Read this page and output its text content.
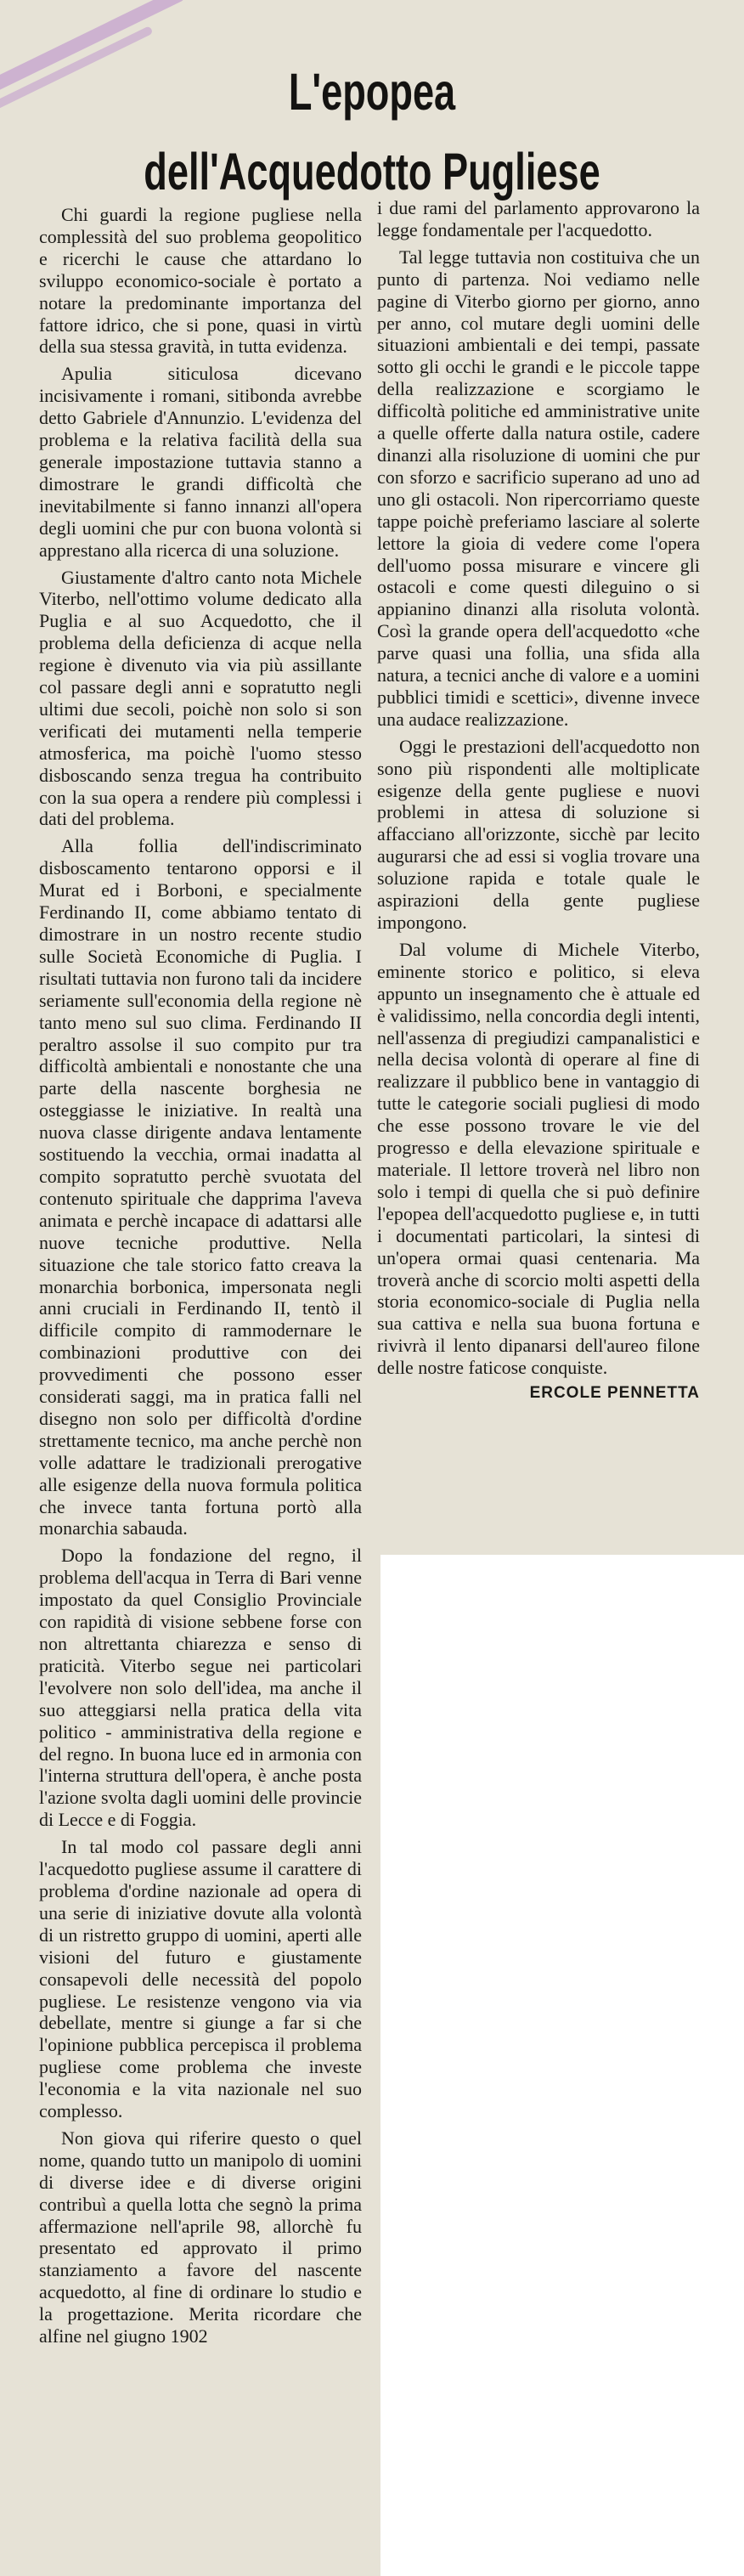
L'epopea
dell'Acquedotto Pugliese

Chi guardi la regione pugliese nella complessità del suo problema geopolitico e ricerchi le cause che attardano lo sviluppo economico-sociale è portato a notare la predominante importanza del fattore idrico, che si pone, quasi in virtù della sua stessa gravità, in tutta evidenza.

Apulia siticulosa dicevano incisivamente i romani, sitibonda avrebbe detto Gabriele d'Annunzio. L'evidenza del problema e la relativa facilità della sua generale impostazione tuttavia stanno a dimostrare le grandi difficoltà che inevitabilmente si fanno innanzi all'opera degli uomini che pur con buona volontà si apprestano alla ricerca di una soluzione.

Giustamente d'altro canto nota Michele Viterbo, nell'ottimo volume dedicato alla Puglia e al suo Acquedotto, che il problema della deficienza di acque nella regione è divenuto via via più assillante col passare degli anni e sopratutto negli ultimi due secoli, poichè non solo si son verificati dei mutamenti nella temperie atmosferica, ma poichè l'uomo stesso disboscando senza tregua ha contribuito con la sua opera a rendere più complessi i dati del problema.

Alla follia dell'indiscriminato disboscamento tentarono opporsi e il Murat ed i Borboni, e specialmente Ferdinando II, come abbiamo tentato di dimostrare in un nostro recente studio sulle Società Economiche di Puglia. I risultati tuttavia non furono tali da incidere seriamente sull'economia della regione nè tanto meno sul suo clima. Ferdinando II peraltro assolse il suo compito pur tra difficoltà ambientali e nonostante che una parte della nascente borghesia ne osteggiasse le iniziative. In realtà una nuova classe dirigente andava lentamente sostituendo la vecchia, ormai inadatta al compito sopratutto perchè svuotata del contenuto spirituale che dapprima l'aveva animata e perchè incapace di adattarsi alle nuove tecniche produttive. Nella situazione che tale storico fatto creava la monarchia borbonica, impersonata negli anni cruciali in Ferdinando II, tentò il difficile compito di rammodernare le combinazioni produttive con dei provvedimenti che possono esser considerati saggi, ma in pratica falli nel disegno non solo per difficoltà d'ordine strettamente tecnico, ma anche perchè non volle adattare le tradizionali prerogative alle esigenze della nuova formula politica che invece tanta fortuna portò alla monarchia sabauda.

Dopo la fondazione del regno, il problema dell'acqua in Terra di Bari venne impostato da quel Consiglio Provinciale con rapidità di visione sebbene forse con non altrettanta chiarezza e senso di praticità. Viterbo segue nei particolari l'evolvere non solo dell'idea, ma anche il suo atteggiarsi nella pratica della vita politico - amministrativa della regione e del regno. In buona luce ed in armonia con l'interna struttura dell'opera, è anche posta l'azione svolta dagli uomini delle provincie di Lecce e di Foggia.

In tal modo col passare degli anni l'acquedotto pugliese assume il carattere di problema d'ordine nazionale ad opera di una serie di iniziative dovute alla volontà di un ristretto gruppo di uomini, aperti alle visioni del futuro e giustamente consapevoli delle necessità del popolo pugliese. Le resistenze vengono via via debellate, mentre si giunge a far si che l'opinione pubblica percepisca il problema pugliese come problema che investe l'economia e la vita nazionale nel suo complesso.

Non giova qui riferire questo o quel nome, quando tutto un manipolo di uomini di diverse idee e di diverse origini contribuì a quella lotta che segnò la prima affermazione nell'aprile 98, allorchè fu presentato ed approvato il primo stanziamento a favore del nascente acquedotto, al fine di ordinare lo studio e la progettazione. Merita ricordare che alfine nel giugno 1902

i due rami del parlamento approvarono la legge fondamentale per l'acquedotto.

Tal legge tuttavia non costituiva che un punto di partenza. Noi vediamo nelle pagine di Viterbo giorno per giorno, anno per anno, col mutare degli uomini delle situazioni ambientali e dei tempi, passate sotto gli occhi le grandi e le piccole tappe della realizzazione e scorgiamo le difficoltà politiche ed amministrative unite a quelle offerte dalla natura ostile, cadere dinanzi alla risoluzione di uomini che pur con sforzo e sacrificio superano ad uno ad uno gli ostacoli. Non ripercorriamo queste tappe poichè preferiamo lasciare al solerte lettore la gioia di vedere come l'opera dell'uomo possa misurare e vincere gli ostacoli e come questi dileguino o si appianino dinanzi alla risoluta volontà. Così la grande opera dell'acquedotto «che parve quasi una follia, una sfida alla natura, a tecnici anche di valore e a uomini pubblici timidi e scettici», divenne invece una audace realizzazione.

Oggi le prestazioni dell'acquedotto non sono più rispondenti alle moltiplicate esigenze della gente pugliese e nuovi problemi in attesa di soluzione si affacciano all'orizzonte, sicchè par lecito augurarsi che ad essi si voglia trovare una soluzione rapida e totale quale le aspirazioni della gente pugliese impongono.

Dal volume di Michele Viterbo, eminente storico e politico, si eleva appunto un insegnamento che è attuale ed è validissimo, nella concordia degli intenti, nell'assenza di pregiudizi campanalistici e nella decisa volontà di operare al fine di realizzare il pubblico bene in vantaggio di tutte le categorie sociali pugliesi di modo che esse possono trovare le vie del progresso e della elevazione spirituale e materiale. Il lettore troverà nel libro non solo i tempi di quella che si può definire l'epopea dell'acquedotto pugliese e, in tutti i documentati particolari, la sintesi di un'opera ormai quasi centenaria. Ma troverà anche di scorcio molti aspetti della storia economico-sociale di Puglia nella sua cattiva e nella sua buona fortuna e rivivrà il lento dipanarsi dell'aureo filone delle nostre faticose conquiste.

ERCOLE PENNETTA
